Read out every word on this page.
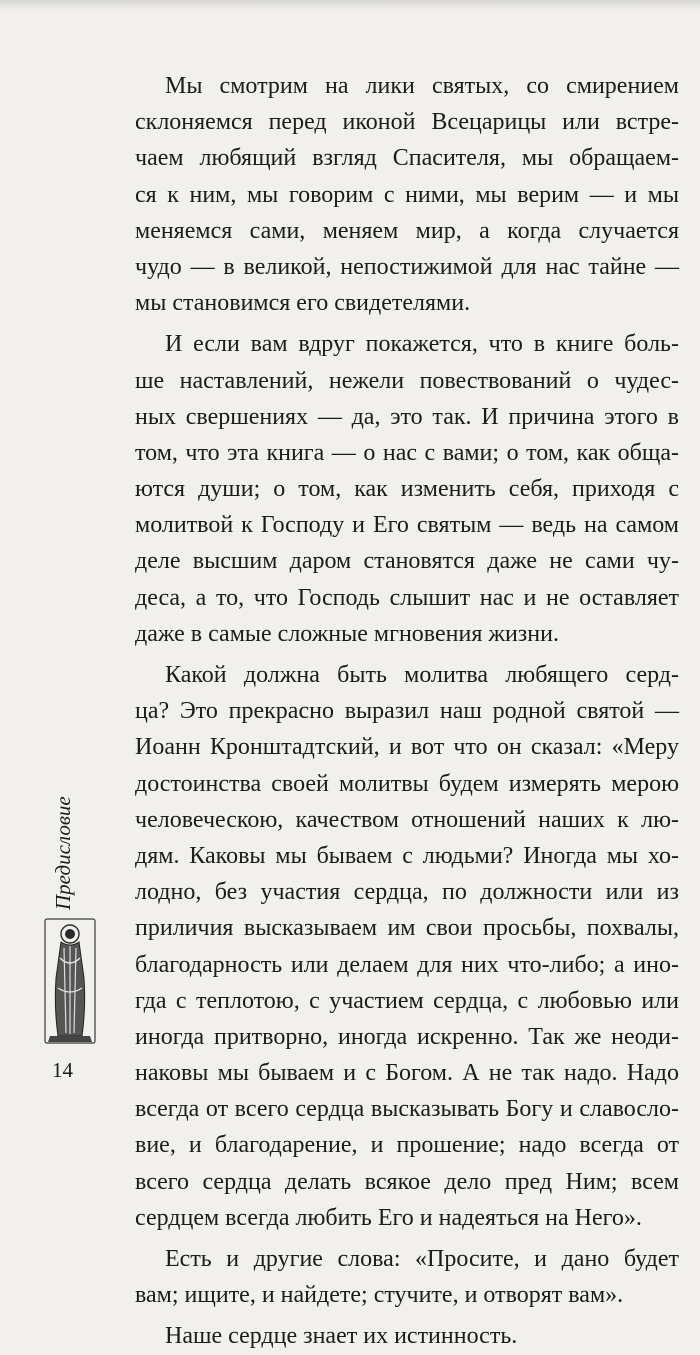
Мы смотрим на лики святых, со смирением
склоняемся перед иконой Всецарицы или встре-
чаем любящий взгляд Спасителя, мы обращаем-
ся к ним, мы говорим с ними, мы верим — и мы
меняемся сами, меняем мир, а когда случается
чудо — в великой, непостижимой для нас тайне —
мы становимся его свидетелями.
И если вам вдруг покажется, что в книге боль-
ше наставлений, нежели повествований о чудес-
ных свершениях — да, это так. И причина этого в
том, что эта книга — о нас с вами; о том, как обща-
ются души; о том, как изменить себя, приходя с
молитвой к Господу и Его святым — ведь на самом
деле высшим даром становятся даже не сами чу-
деса, а то, что Господь слышит нас и не оставляет
даже в самые сложные мгновения жизни.
Какой должна быть молитва любящего серд-
ца? Это прекрасно выразил наш родной святой —
Иоанн Кронштадтский, и вот что он сказал: «Меру
достоинства своей молитвы будем измерять мерою
человеческою, качеством отношений наших к лю-
дям. Каковы мы бываем с людьми? Иногда мы хо-
лодно, без участия сердца, по должности или из
приличия высказываем им свои просьбы, похвалы,
благодарность или делаем для них что-либо; а ино-
гда с теплотою, с участием сердца, с любовью или
иногда притворно, иногда искренно. Так же неоди-
наковы мы бываем и с Богом. А не так надо. Надо
всегда от всего сердца высказывать Богу и славосло-
вие, и благодарение, и прошение; надо всегда от
всего сердца делать всякое дело пред Ним; всем
сердцем всегда любить Его и надеяться на Него».
Есть и другие слова: «Просите, и дано будет
вам; ищите, и найдете; стучите, и отворят вам».
Наше сердце знает их истинность.
Предисловие
14
